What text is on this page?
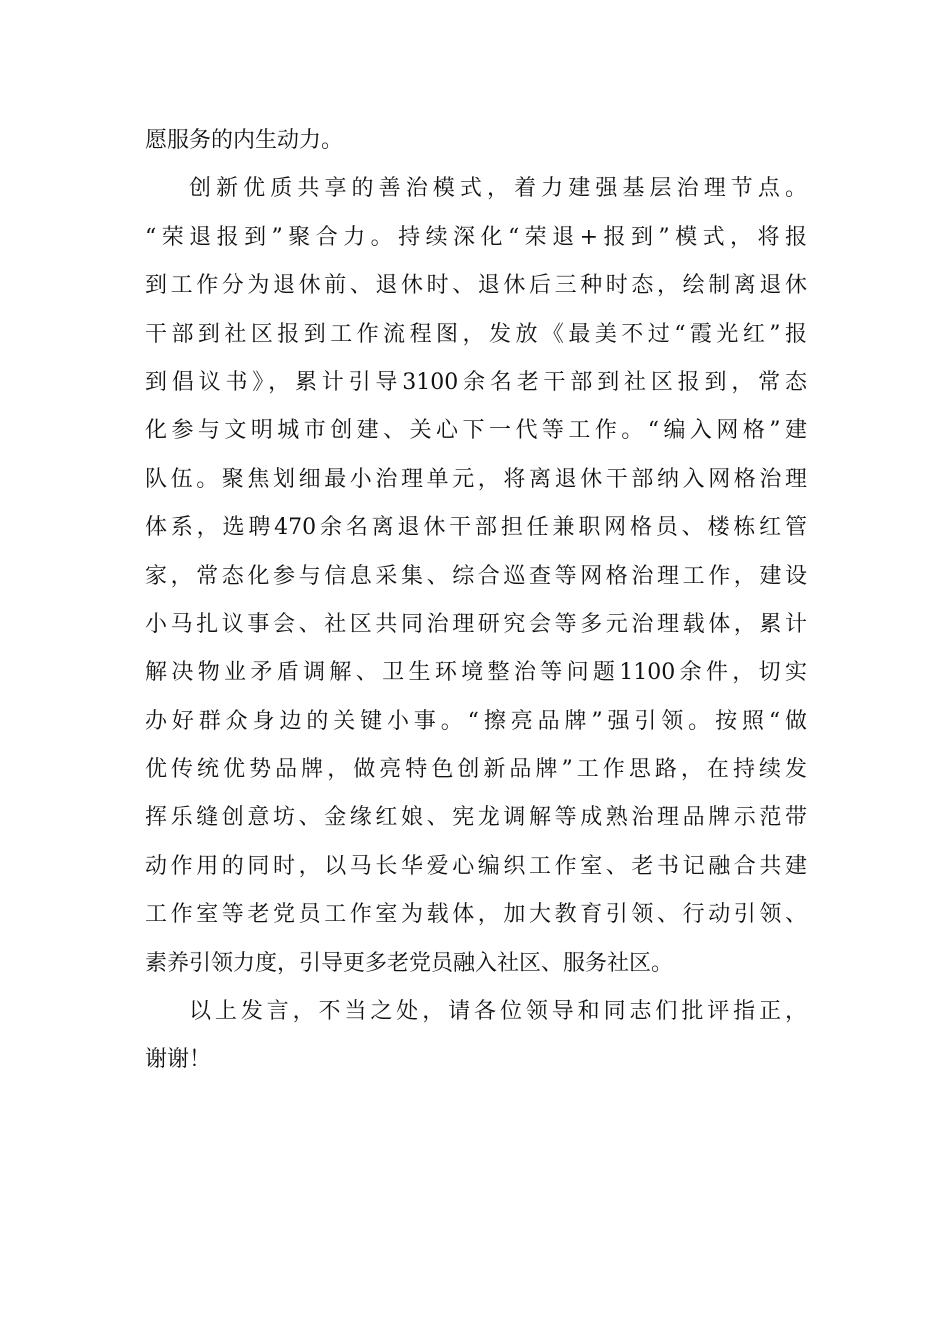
愿服务的内生动力。
创新优质共享的善治模式，着力建强基层治理节点。
“荣退报到”聚合力。持续深化“荣退+报到”模式，将报
到工作分为退休前、退休时、退休后三种时态，绘制离退休
干部到社区报到工作流程图，发放《最美不过“霞光红”报
到倡议书》，累计引导3100余名老干部到社区报到，常态
化参与文明城市创建、关心下一代等工作。“编入网格”建
队伍。聚焦划细最小治理单元，将离退休干部纳入网格治理
体系，选聘470余名离退休干部担任兼职网格员、楼栋红管
家，常态化参与信息采集、综合巡查等网格治理工作，建设
小马扎议事会、社区共同治理研究会等多元治理载体，累计
解决物业矛盾调解、卫生环境整治等问题1100余件，切实
办好群众身边的关键小事。“擦亮品牌”强引领。按照“做
优传统优势品牌，做亮特色创新品牌”工作思路，在持续发
挥乐缝创意坊、金缘红娘、宪龙调解等成熟治理品牌示范带
动作用的同时，以马长华爱心编织工作室、老书记融合共建
工作室等老党员工作室为载体，加大教育引领、行动引领、
素养引领力度，引导更多老党员融入社区、服务社区。
以上发言，不当之处，请各位领导和同志们批评指正，
谢谢！
